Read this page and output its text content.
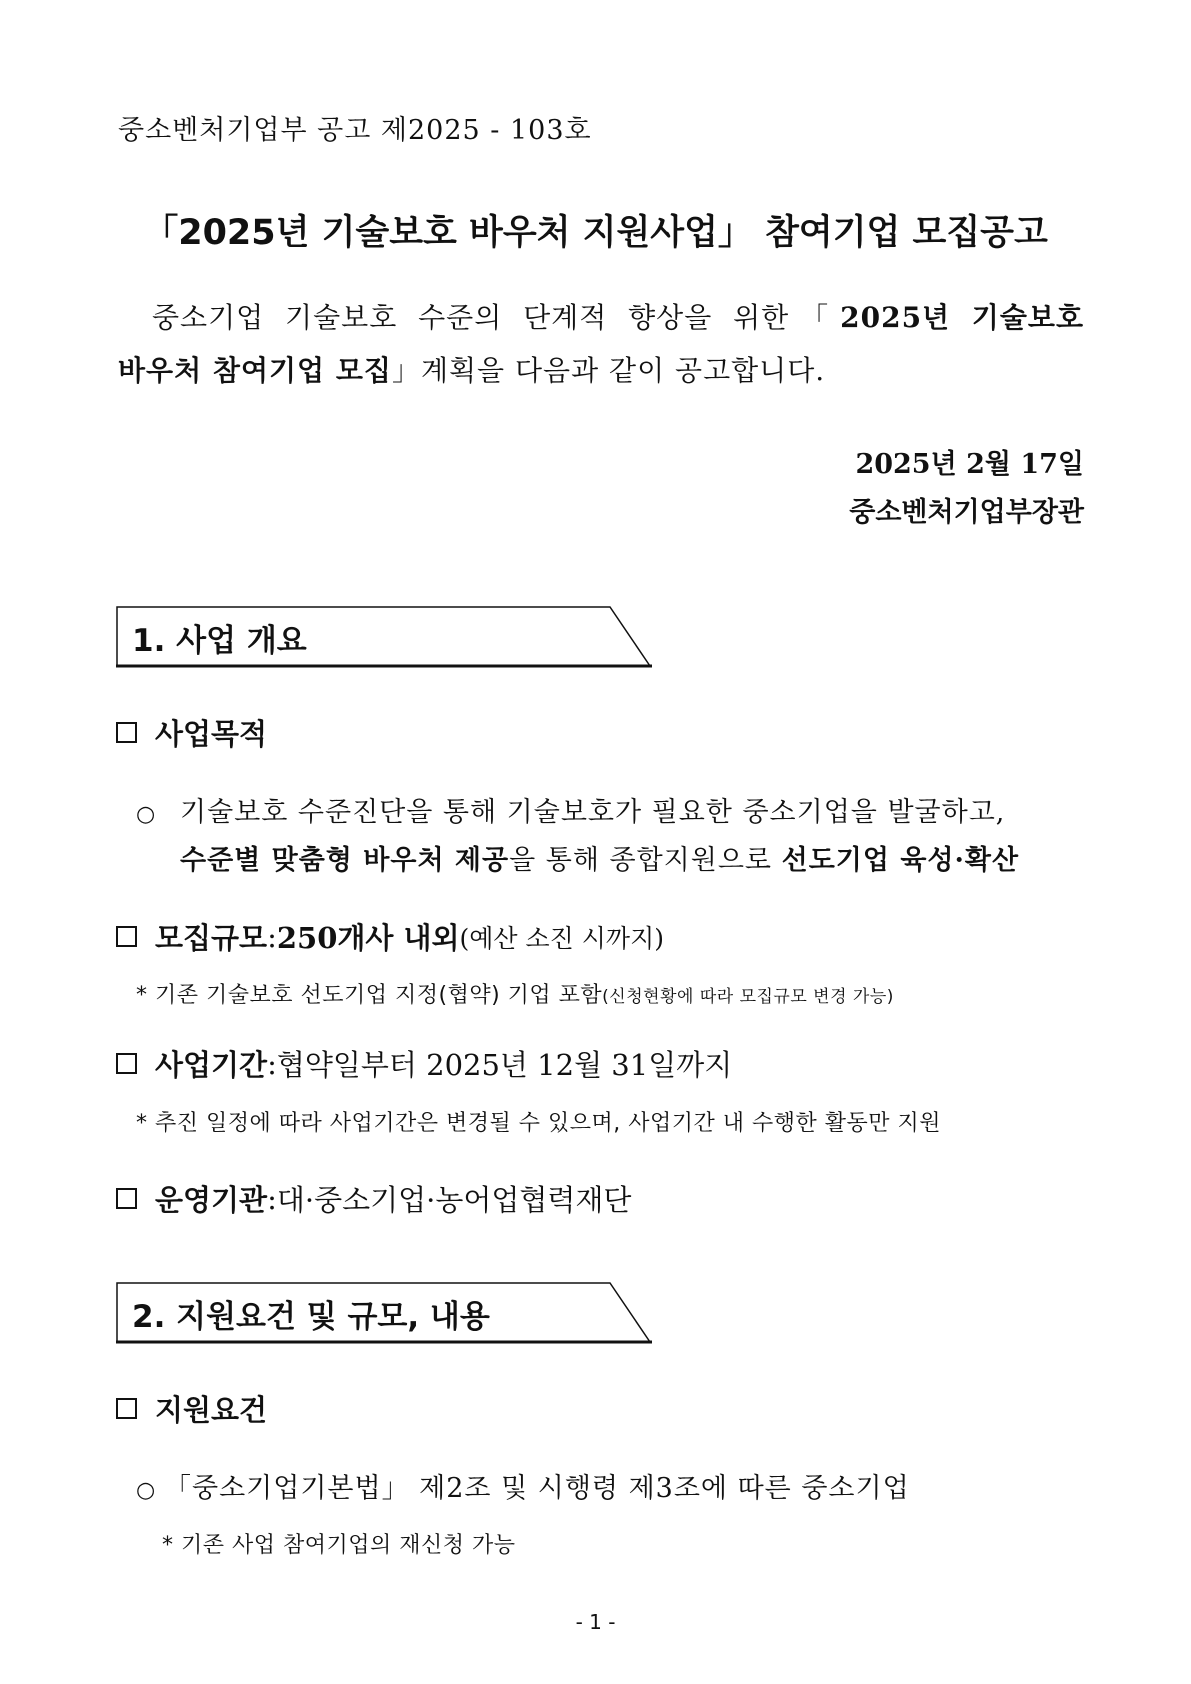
중소벤처기업부 공고 제2025 - 103호
「2025년 기술보호 바우처 지원사업」 참여기업 모집공고
중소기업 기술보호 수준의 단계적 향상을 위한「2025년 기술보호
바우처 참여기업 모집」계획을 다음과 같이 공고합니다.
2025년 2월 17일
중소벤처기업부장관
1. 사업 개요
사업목적
○ 기술보호 수준진단을 통해 기술보호가 필요한 중소기업을 발굴하고,
수준별 맞춤형 바우처 제공을 통해 종합지원으로 선도기업 육성·확산
모집규모 : 250개사 내외 (예산 소진 시까지)
* 기존 기술보호 선도기업 지정(협약) 기업 포함(신청현황에 따라 모집규모 변경 가능)
사업기간 : 협약일부터 2025년 12월 31일까지
* 추진 일정에 따라 사업기간은 변경될 수 있으며, 사업기간 내 수행한 활동만 지원
운영기관 : 대·중소기업·농어업협력재단
2. 지원요건 및 규모, 내용
지원요건
○ 「중소기업기본법」 제2조 및 시행령 제3조에 따른 중소기업
* 기존 사업 참여기업의 재신청 가능
- 1 -
